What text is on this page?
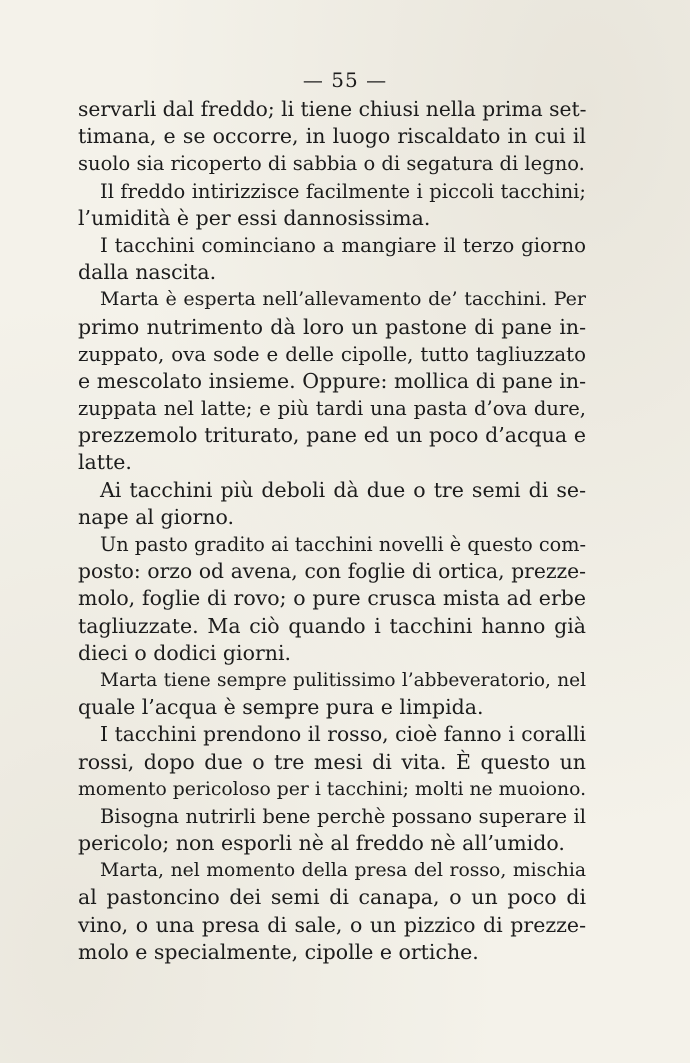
— 55 —
servarli dal freddo; li tiene chiusi nella prima set-
timana, e se occorre, in luogo riscaldato in cui il
suolo sia ricoperto di sabbia o di segatura di legno.
Il freddo intirizzisce facilmente i piccoli tacchini;
l’umidità è per essi dannosissima.
I tacchini cominciano a mangiare il terzo giorno
dalla nascita.
Marta è esperta nell’allevamento de’ tacchini. Per
primo nutrimento dà loro un pastone di pane in-
zuppato, ova sode e delle cipolle, tutto tagliuzzato
e mescolato insieme. Oppure: mollica di pane in-
zuppata nel latte; e più tardi una pasta d’ova dure,
prezzemolo triturato, pane ed un poco d’acqua e
latte.
Ai tacchini più deboli dà due o tre semi di se-
nape al giorno.
Un pasto gradito ai tacchini novelli è questo com-
posto: orzo od avena, con foglie di ortica, prezze-
molo, foglie di rovo; o pure crusca mista ad erbe
tagliuzzate. Ma ciò quando i tacchini hanno già
dieci o dodici giorni.
Marta tiene sempre pulitissimo l’abbeveratorio, nel
quale l’acqua è sempre pura e limpida.
I tacchini prendono il rosso, cioè fanno i coralli
rossi, dopo due o tre mesi di vita. È questo un
momento pericoloso per i tacchini; molti ne muoiono.
Bisogna nutrirli bene perchè possano superare il
pericolo; non esporli nè al freddo nè all’umido.
Marta, nel momento della presa del rosso, mischia
al pastoncino dei semi di canapa, o un poco di
vino, o una presa di sale, o un pizzico di prezze-
molo e specialmente, cipolle e ortiche.
